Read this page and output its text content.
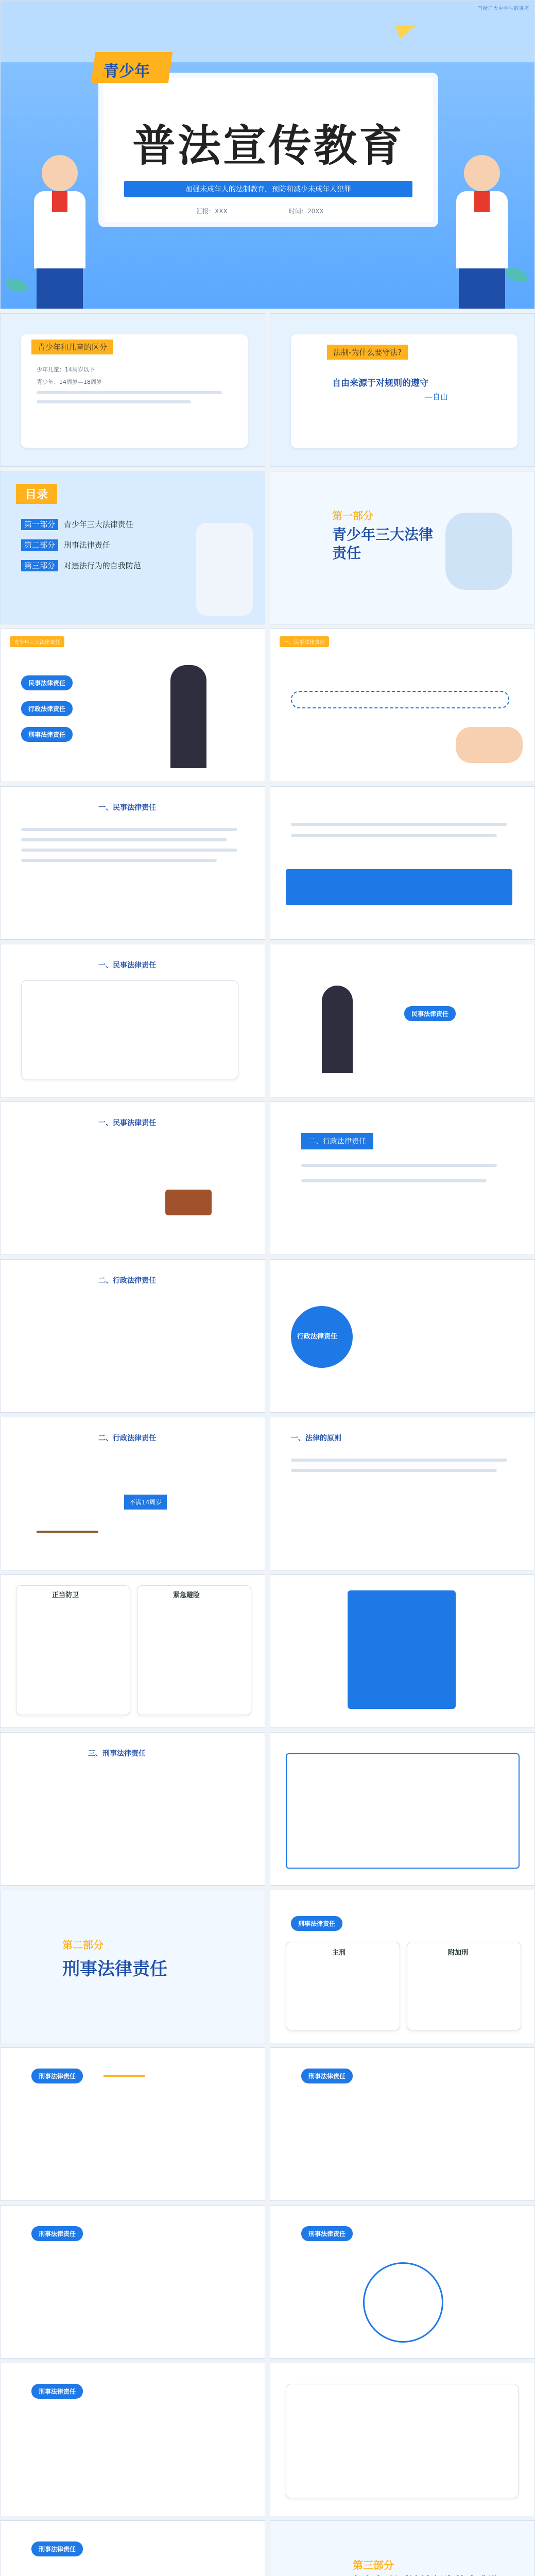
写给广大中学生的讲座
青少年
普法宣传教育
加强未成年人的法制教育，预防和减少未成年人犯罪
汇报：XXX	时间：20XX
青少年和儿童的区分
少年儿童：14周岁以下
青少年：14周岁—18周岁
法制-为什么要守法?
自由来源于对规则的遵守
—自由
目录
第一部分 青少年三大法律责任
第二部分 刑事法律责任
第三部分 对违法行为的自我防范
第一部分
青少年三大法律责任
青少年三大法律责任
民事法律责任
行政法律责任
刑事法律责任
一、民事法律责任
一、民事法律责任
一、民事法律责任
民事法律责任
一、民事法律责任
二、行政法律责任
二、行政法律责任
行政法律责任
二、行政法律责任
不满14周岁
一、法律的原则
正当防卫	紧急避险
三、刑事法律责任
第二部分
刑事法律责任
刑事法律责任
主刑	附加刑
刑事法律责任	刑事法律责任
刑事法律责任	刑事法律责任
刑事法律责任
刑事法律责任
第三部分
